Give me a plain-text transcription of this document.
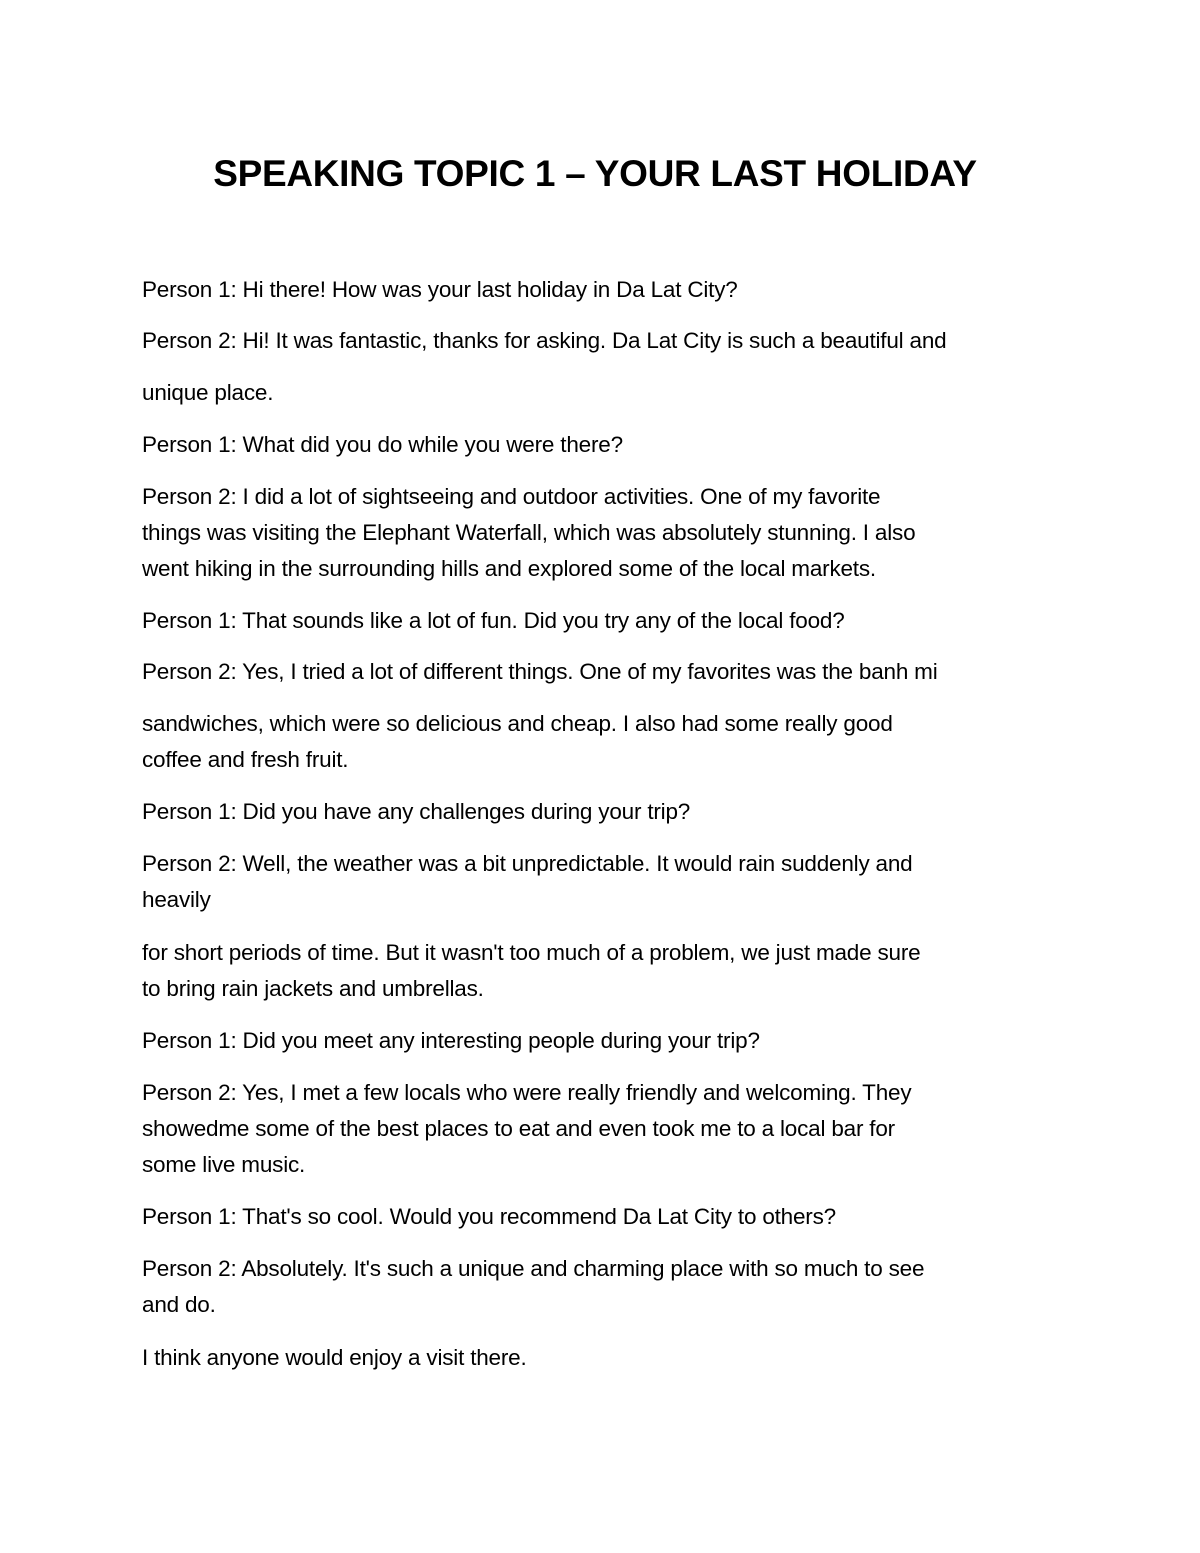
SPEAKING TOPIC 1 – YOUR LAST HOLIDAY

Person 1: Hi there! How was your last holiday in Da Lat City?

Person 2: Hi! It was fantastic, thanks for asking. Da Lat City is such a beautiful and

unique place.

Person 1: What did you do while you were there?

Person 2: I did a lot of sightseeing and outdoor activities. One of my favorite
things was visiting the Elephant Waterfall, which was absolutely stunning. I also
went hiking in the surrounding hills and explored some of the local markets.

Person 1: That sounds like a lot of fun. Did you try any of the local food?

Person 2: Yes, I tried a lot of different things. One of my favorites was the banh mi

sandwiches, which were so delicious and cheap. I also had some really good
coffee and fresh fruit.

Person 1: Did you have any challenges during your trip?

Person 2: Well, the weather was a bit unpredictable. It would rain suddenly and
heavily

for short periods of time. But it wasn't too much of a problem, we just made sure
to bring rain jackets and umbrellas.

Person 1: Did you meet any interesting people during your trip?

Person 2: Yes, I met a few locals who were really friendly and welcoming. They
showedme some of the best places to eat and even took me to a local bar for
some live music.

Person 1: That's so cool. Would you recommend Da Lat City to others?

Person 2: Absolutely. It's such a unique and charming place with so much to see
and do.

I think anyone would enjoy a visit there.
